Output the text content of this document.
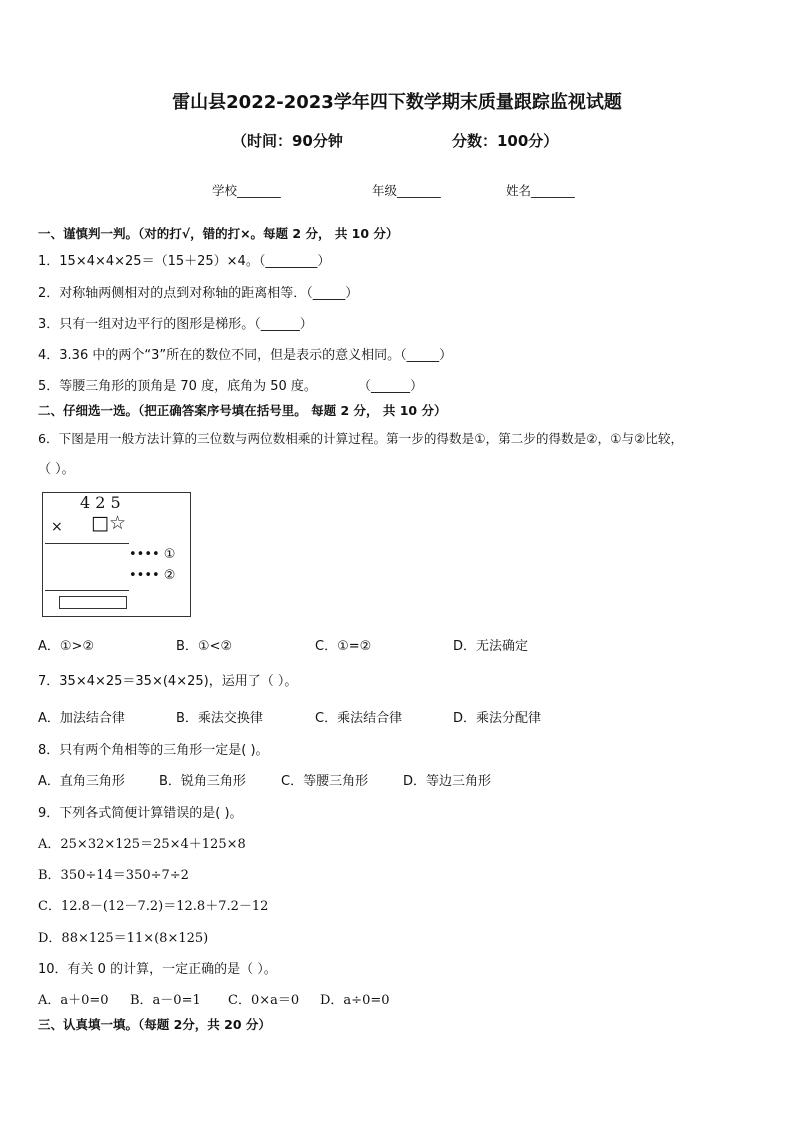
雷山县2022-2023学年四下数学期末质量跟踪监视试题
（时间：90分钟	分数：100分）
学校_______	年级_______	姓名_______
一、谨慎判一判。（对的打√，错的打×。每题 2 分， 共 10 分）
1．15×4×4×25＝（15＋25）×4。（________）
2．对称轴两侧相对的点到对称轴的距离相等．（_____）
3．只有一组对边平行的图形是梯形。（______）
4．3.36 中的两个“3”所在的数位不同，但是表示的意义相同。（_____）
5．等腰三角形的顶角是 70 度，底角为 50 度。	（______）
二、仔细选一选。（把正确答案序号填在括号里。 每题 2 分， 共 10 分）
6．下图是用一般方法计算的三位数与两位数相乘的计算过程。第一步的得数是①，第二步的得数是②，①与②比较，
（ ）。
4 2 5
× □☆
•••• ①
•••• ②
A．①>②	B．①<②	C．①=②	D．无法确定
7．35×4×25＝35×(4×25)，运用了（ ）。
A．加法结合律	B．乘法交换律	C．乘法结合律	D．乘法分配律
8．只有两个角相等的三角形一定是( )。
A．直角三角形	B．锐角三角形	C．等腰三角形	D．等边三角形
9．下列各式简便计算错误的是( )。
A．25×32×125＝25×4＋125×8
B．350÷14＝350÷7÷2
C．12.8－(12－7.2)＝12.8＋7.2－12
D．88×125＝11×(8×125)
10．有关 0 的计算，一定正确的是（ ）。
A．a＋0=0 B．a－0=1 C．0×a＝0 D．a÷0=0
三、认真填一填。（每题 2分，共 20 分）
